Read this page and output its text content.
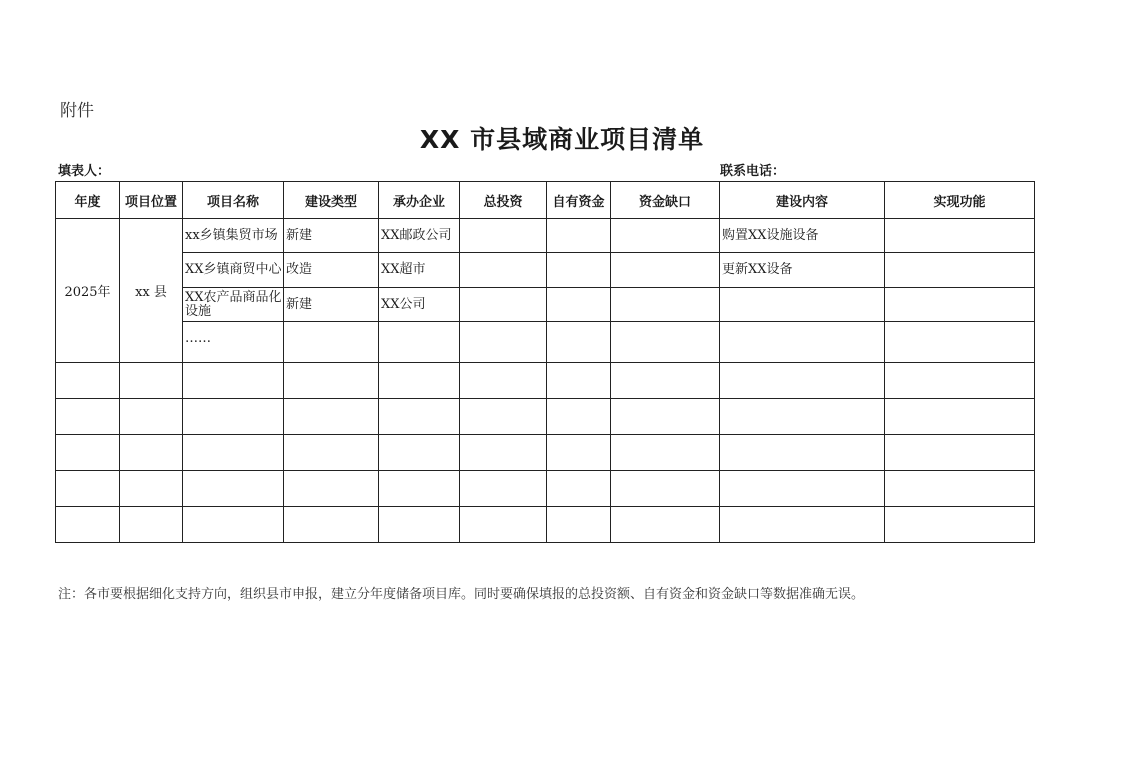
附件
XX 市县域商业项目清单
填表人：	联系电话：
年度	项目位置	项目名称	建设类型	承办企业	总投资	自有资金	资金缺口	建设内容	实现功能
2025年	xx 县	xx乡镇集贸市场	新建	XX邮政公司				购置XX设施设备	

		XX乡镇商贸中心	改造	XX超市				更新XX设备	

		XX农产品商品化设施	新建	XX公司					

		……							

注：各市要根据细化支持方向，组织县市申报，建立分年度储备项目库。同时要确保填报的总投资额、自有资金和资金缺口等数据准确无误。
